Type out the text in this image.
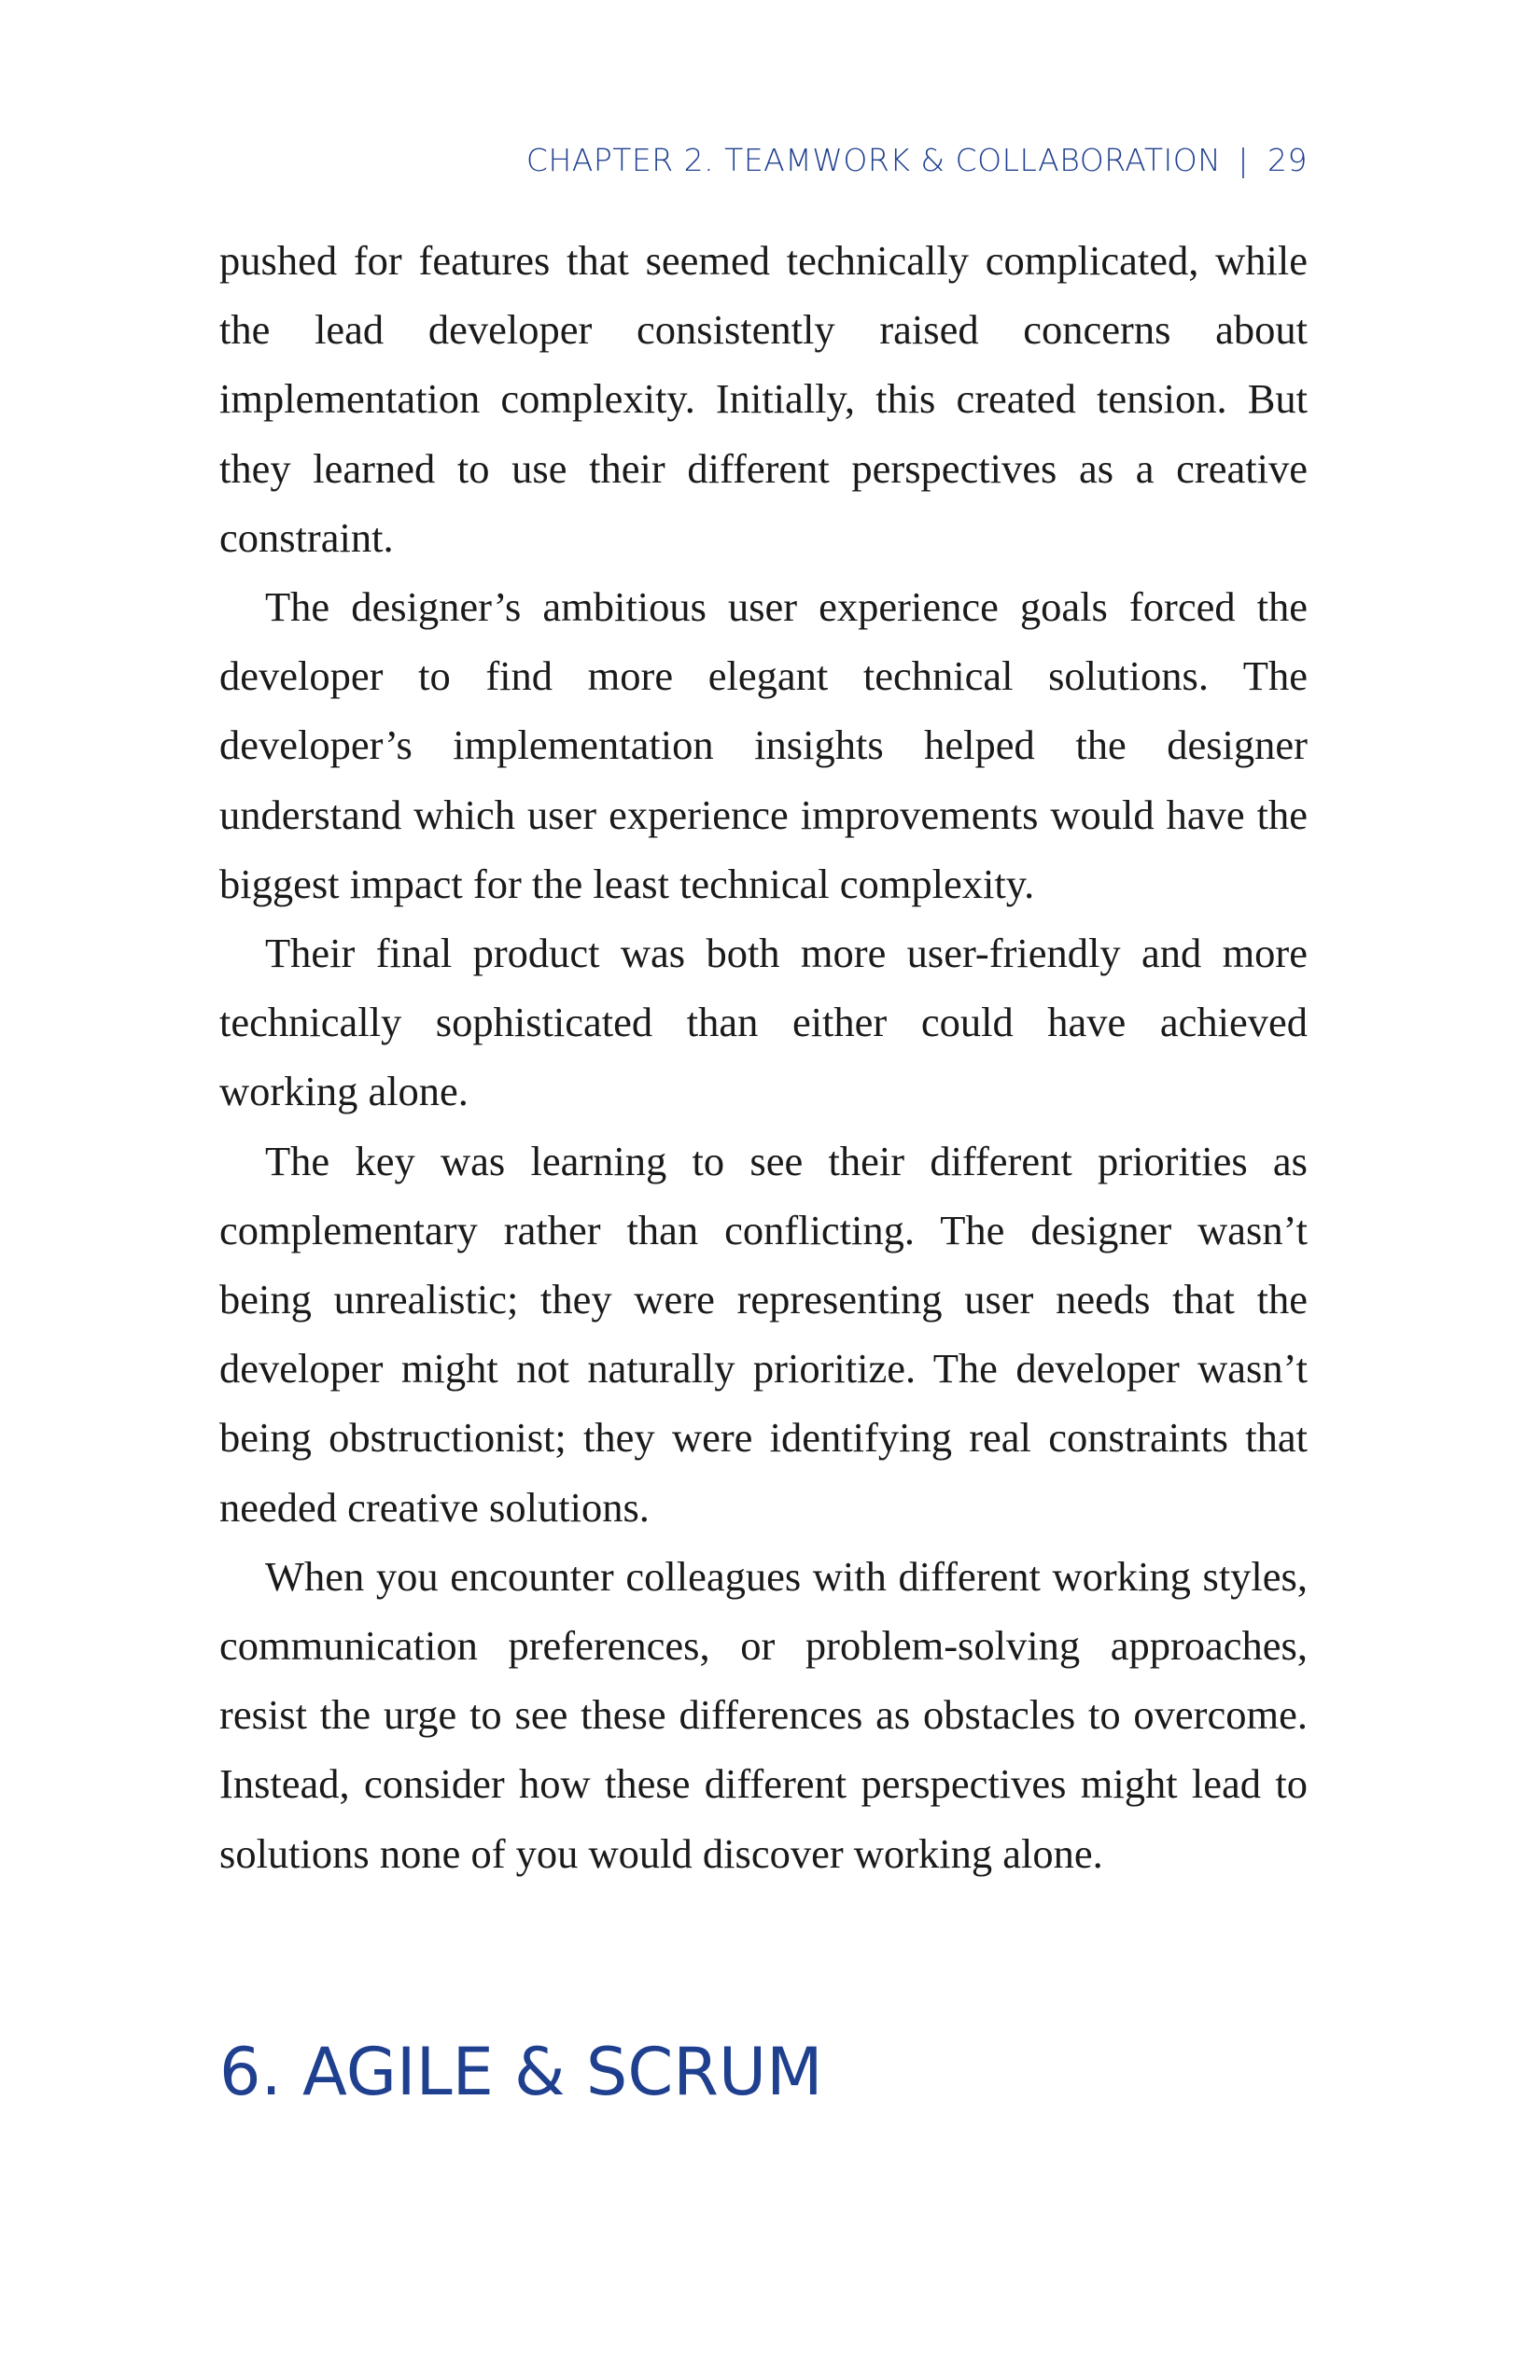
CHAPTER 2. TEAMWORK & COLLABORATION | 29

pushed for features that seemed technically complicated, while the lead developer consistently raised concerns about implementation complexity. Initially, this created tension. But they learned to use their different perspectives as a creative constraint.

The designer’s ambitious user experience goals forced the developer to find more elegant technical solutions. The developer’s implementation insights helped the designer understand which user experience improvements would have the biggest impact for the least technical complexity.

Their final product was both more user-friendly and more technically sophisticated than either could have achieved working alone.

The key was learning to see their different priorities as complementary rather than conflicting. The designer wasn’t being unrealistic; they were representing user needs that the developer might not naturally prioritize. The developer wasn’t being obstructionist; they were identifying real constraints that needed creative solutions.

When you encounter colleagues with different working styles, communication preferences, or problem-solving approaches, resist the urge to see these differences as obstacles to overcome. Instead, consider how these different perspectives might lead to solutions none of you would discover working alone.

6. AGILE & SCRUM
